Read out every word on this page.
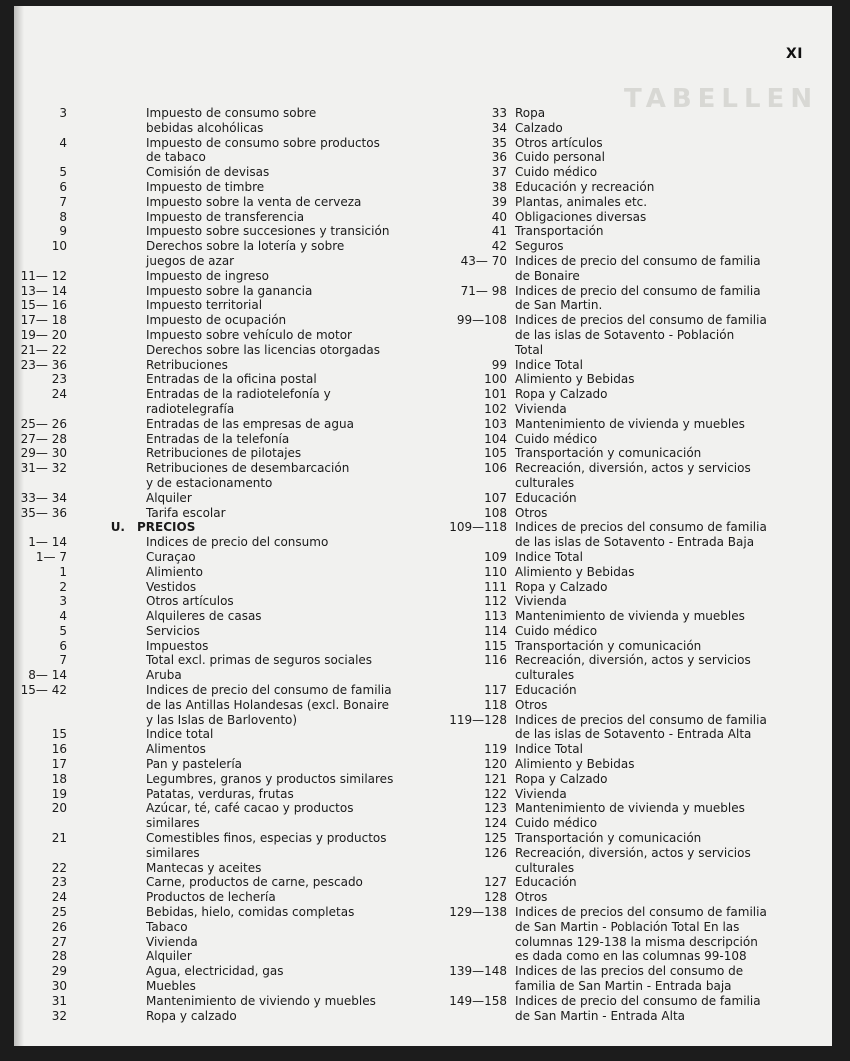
TABELLEN
XI
3	Impuesto de consumo sobre
bebidas alcohólicas
4	Impuesto de consumo sobre productos
de tabaco
5	Comisión de devisas
6	Impuesto de timbre
7	Impuesto sobre la venta de cerveza
8	Impuesto de transferencia
9	Impuesto sobre succesiones y transición
10	Derechos sobre la lotería y sobre
juegos de azar
11— 12	Impuesto de ingreso
13— 14	Impuesto sobre la ganancia
15— 16	Impuesto territorial
17— 18	Impuesto de ocupación
19— 20	Impuesto sobre vehículo de motor
21— 22	Derechos sobre las licencias otorgadas
23— 36	Retribuciones
23	Entradas de la oficina postal
24	Entradas de la radiotelefonía y
radiotelegrafía
25— 26	Entradas de las empresas de agua
27— 28	Entradas de la telefonía
29— 30	Retribuciones de pilotajes
31— 32	Retribuciones de desembarcación
y de estacionamento
33— 34	Alquiler
35— 36	Tarifa escolar
U. PRECIOS
1— 14	Indices de precio del consumo
1— 7	Curaçao
1	Alimiento
2	Vestidos
3	Otros artículos
4	Alquileres de casas
5	Servicios
6	Impuestos
7	Total excl. primas de seguros sociales
8— 14	Aruba
15— 42	Indices de precio del consumo de familia
de las Antillas Holandesas (excl. Bonaire
y las Islas de Barlovento)
15	Indice total
16	Alimentos
17	Pan y pastelería
18	Legumbres, granos y productos similares
19	Patatas, verduras, frutas
20	Azúcar, té, café cacao y productos
similares
21	Comestibles finos, especias y productos
similares
22	Mantecas y aceites
23	Carne, productos de carne, pescado
24	Productos de lechería
25	Bebidas, hielo, comidas completas
26	Tabaco
27	Vivienda
28	Alquiler
29	Agua, electricidad, gas
30	Muebles
31	Mantenimiento de viviendo y muebles
32	Ropa y calzado
33 Ropa
34 Calzado
35 Otros artículos
36 Cuido personal
37 Cuido médico
38 Educación y recreación
39 Plantas, animales etc.
40 Obligaciones diversas
41 Transportación
42 Seguros
43— 70 Indices de precio del consumo de familia
de Bonaire
71— 98 Indices de precio del consumo de familia
de San Martin.
99—108 Indices de precios del consumo de familia
de las islas de Sotavento - Población
Total
99 Indice Total
100 Alimiento y Bebidas
101 Ropa y Calzado
102 Vivienda
103 Mantenimiento de vivienda y muebles
104 Cuido médico
105 Transportación y comunicación
106 Recreación, diversión, actos y servicios
culturales
107 Educación
108 Otros
109—118 Indices de precios del consumo de familia
de las islas de Sotavento - Entrada Baja
109 Indice Total
110 Alimiento y Bebidas
111 Ropa y Calzado
112 Vivienda
113 Mantenimiento de vivienda y muebles
114 Cuido médico
115 Transportación y comunicación
116 Recreación, diversión, actos y servicios
culturales
117 Educación
118 Otros
119—128 Indices de precios del consumo de familia
de las islas de Sotavento - Entrada Alta
119 Indice Total
120 Alimiento y Bebidas
121 Ropa y Calzado
122 Vivienda
123 Mantenimiento de vivienda y muebles
124 Cuido médico
125 Transportación y comunicación
126 Recreación, diversión, actos y servicios
culturales
127 Educación
128 Otros
129—138 Indices de precios del consumo de familia
de San Martin - Población Total En las
columnas 129-138 la misma descripción
es dada como en las columnas 99-108
139—148 Indices de las precios del consumo de
familia de San Martin - Entrada baja
149—158 Indices de precio del consumo de familia
de San Martin - Entrada Alta
